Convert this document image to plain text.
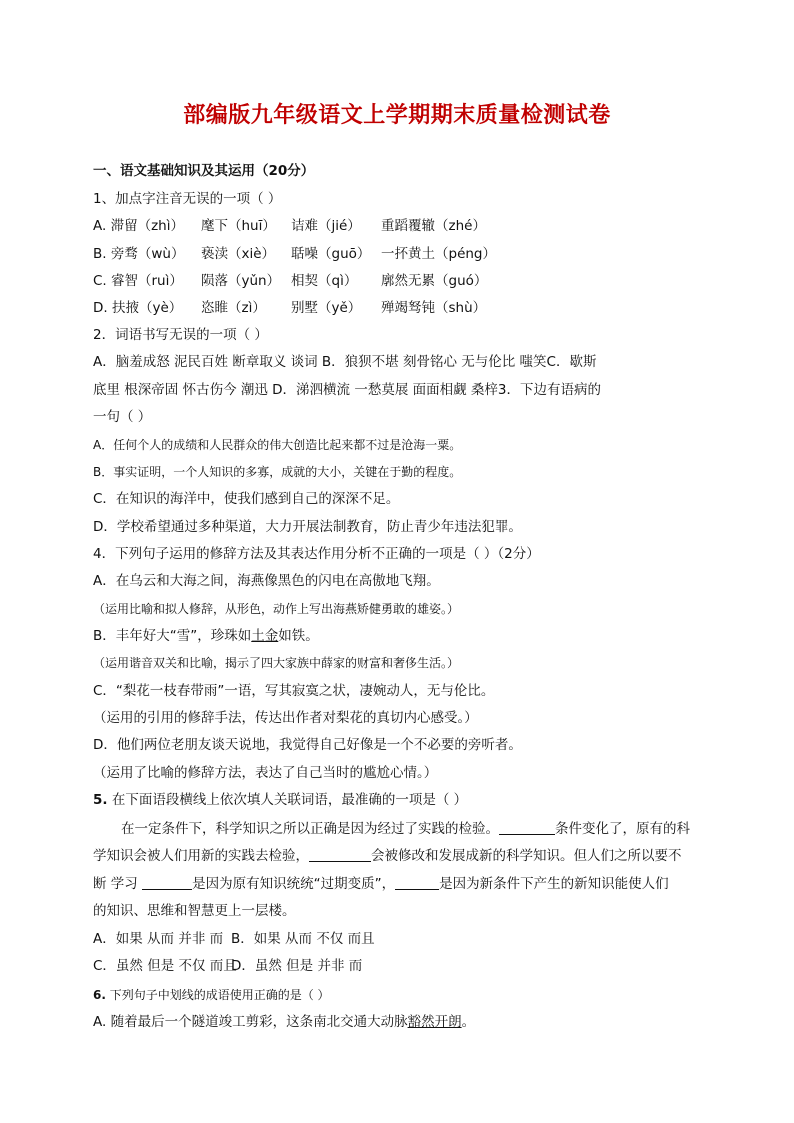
部编版九年级语文上学期期末质量检测试卷
一、语文基础知识及其运用（20分）
1、加点字注音无误的一项（ ）
A. 滞留（zhì） 麾下（huī） 诘难（jié） 重蹈覆辙（zhé）
B. 旁骛（wù） 亵渎（xiè） 聒噪（guō） 一抔黄土（péng）
C. 睿智（ruì） 陨落（yǔn） 相契（qì） 廓然无累（guó）
D. 扶掖（yè） 恣睢（zì） 别墅（yě） 殚竭驽钝（shù）
2．词语书写无误的一项（ ）
A．脑羞成怒 泥民百姓 断章取义 谈词 B．狼狈不堪 刻骨铭心 无与伦比 嗤笑C．歇斯
底里 根深帝固 怀古伤今 潮迅 D．涕泗横流 一愁莫展 面面相觑 桑梓3．下边有语病的
一句（ ）
A．任何个人的成绩和人民群众的伟大创造比起来都不过是沧海一粟。
B．事实证明，一个人知识的多寡，成就的大小，关键在于勤的程度。
C．在知识的海洋中，使我们感到自己的深深不足。
D．学校希望通过多种渠道，大力开展法制教育，防止青少年违法犯罪。
4．下列句子运用的修辞方法及其表达作用分析不正确的一项是（ ）（2分）
A．在乌云和大海之间，海燕像黑色的闪电在高傲地飞翔。
（运用比喻和拟人修辞，从形色，动作上写出海燕矫健勇敢的雄姿。）
B．丰年好大“雪”，珍珠如土金如铁。
（运用谐音双关和比喻，揭示了四大家族中薛家的财富和奢侈生活。）
C．“梨花一枝春带雨”一语，写其寂寞之状，凄婉动人，无与伦比。
（运用的引用的修辞手法，传达出作者对梨花的真切内心感受。）
D．他们两位老朋友谈天说地，我觉得自己好像是一个不必要的旁听者。
（运用了比喻的修辞方法，表达了自己当时的尴尬心情。）
5. 在下面语段横线上依次填人关联词语，最准确的一项是（ ）
在一定条件下，科学知识之所以正确是因为经过了实践的检验。	条件变化了，原有的科
学知识会被人们用新的实践去检验，	会被修改和发展成新的科学知识。但人们之所以要不
断 学习	是因为原有知识统统“过期变质”，	是因为新条件下产生的新知识能使人们
的知识、思维和智慧更上一层楼。
A．如果 从而 并非 而 B．如果 从而 不仅 而且
C．虽然 但是 不仅 而且D．虽然 但是 并非 而
6. 下列句子中划线的成语使用正确的是（ ）
A. 随着最后一个隧道竣工剪彩，这条南北交通大动脉豁然开朗。
